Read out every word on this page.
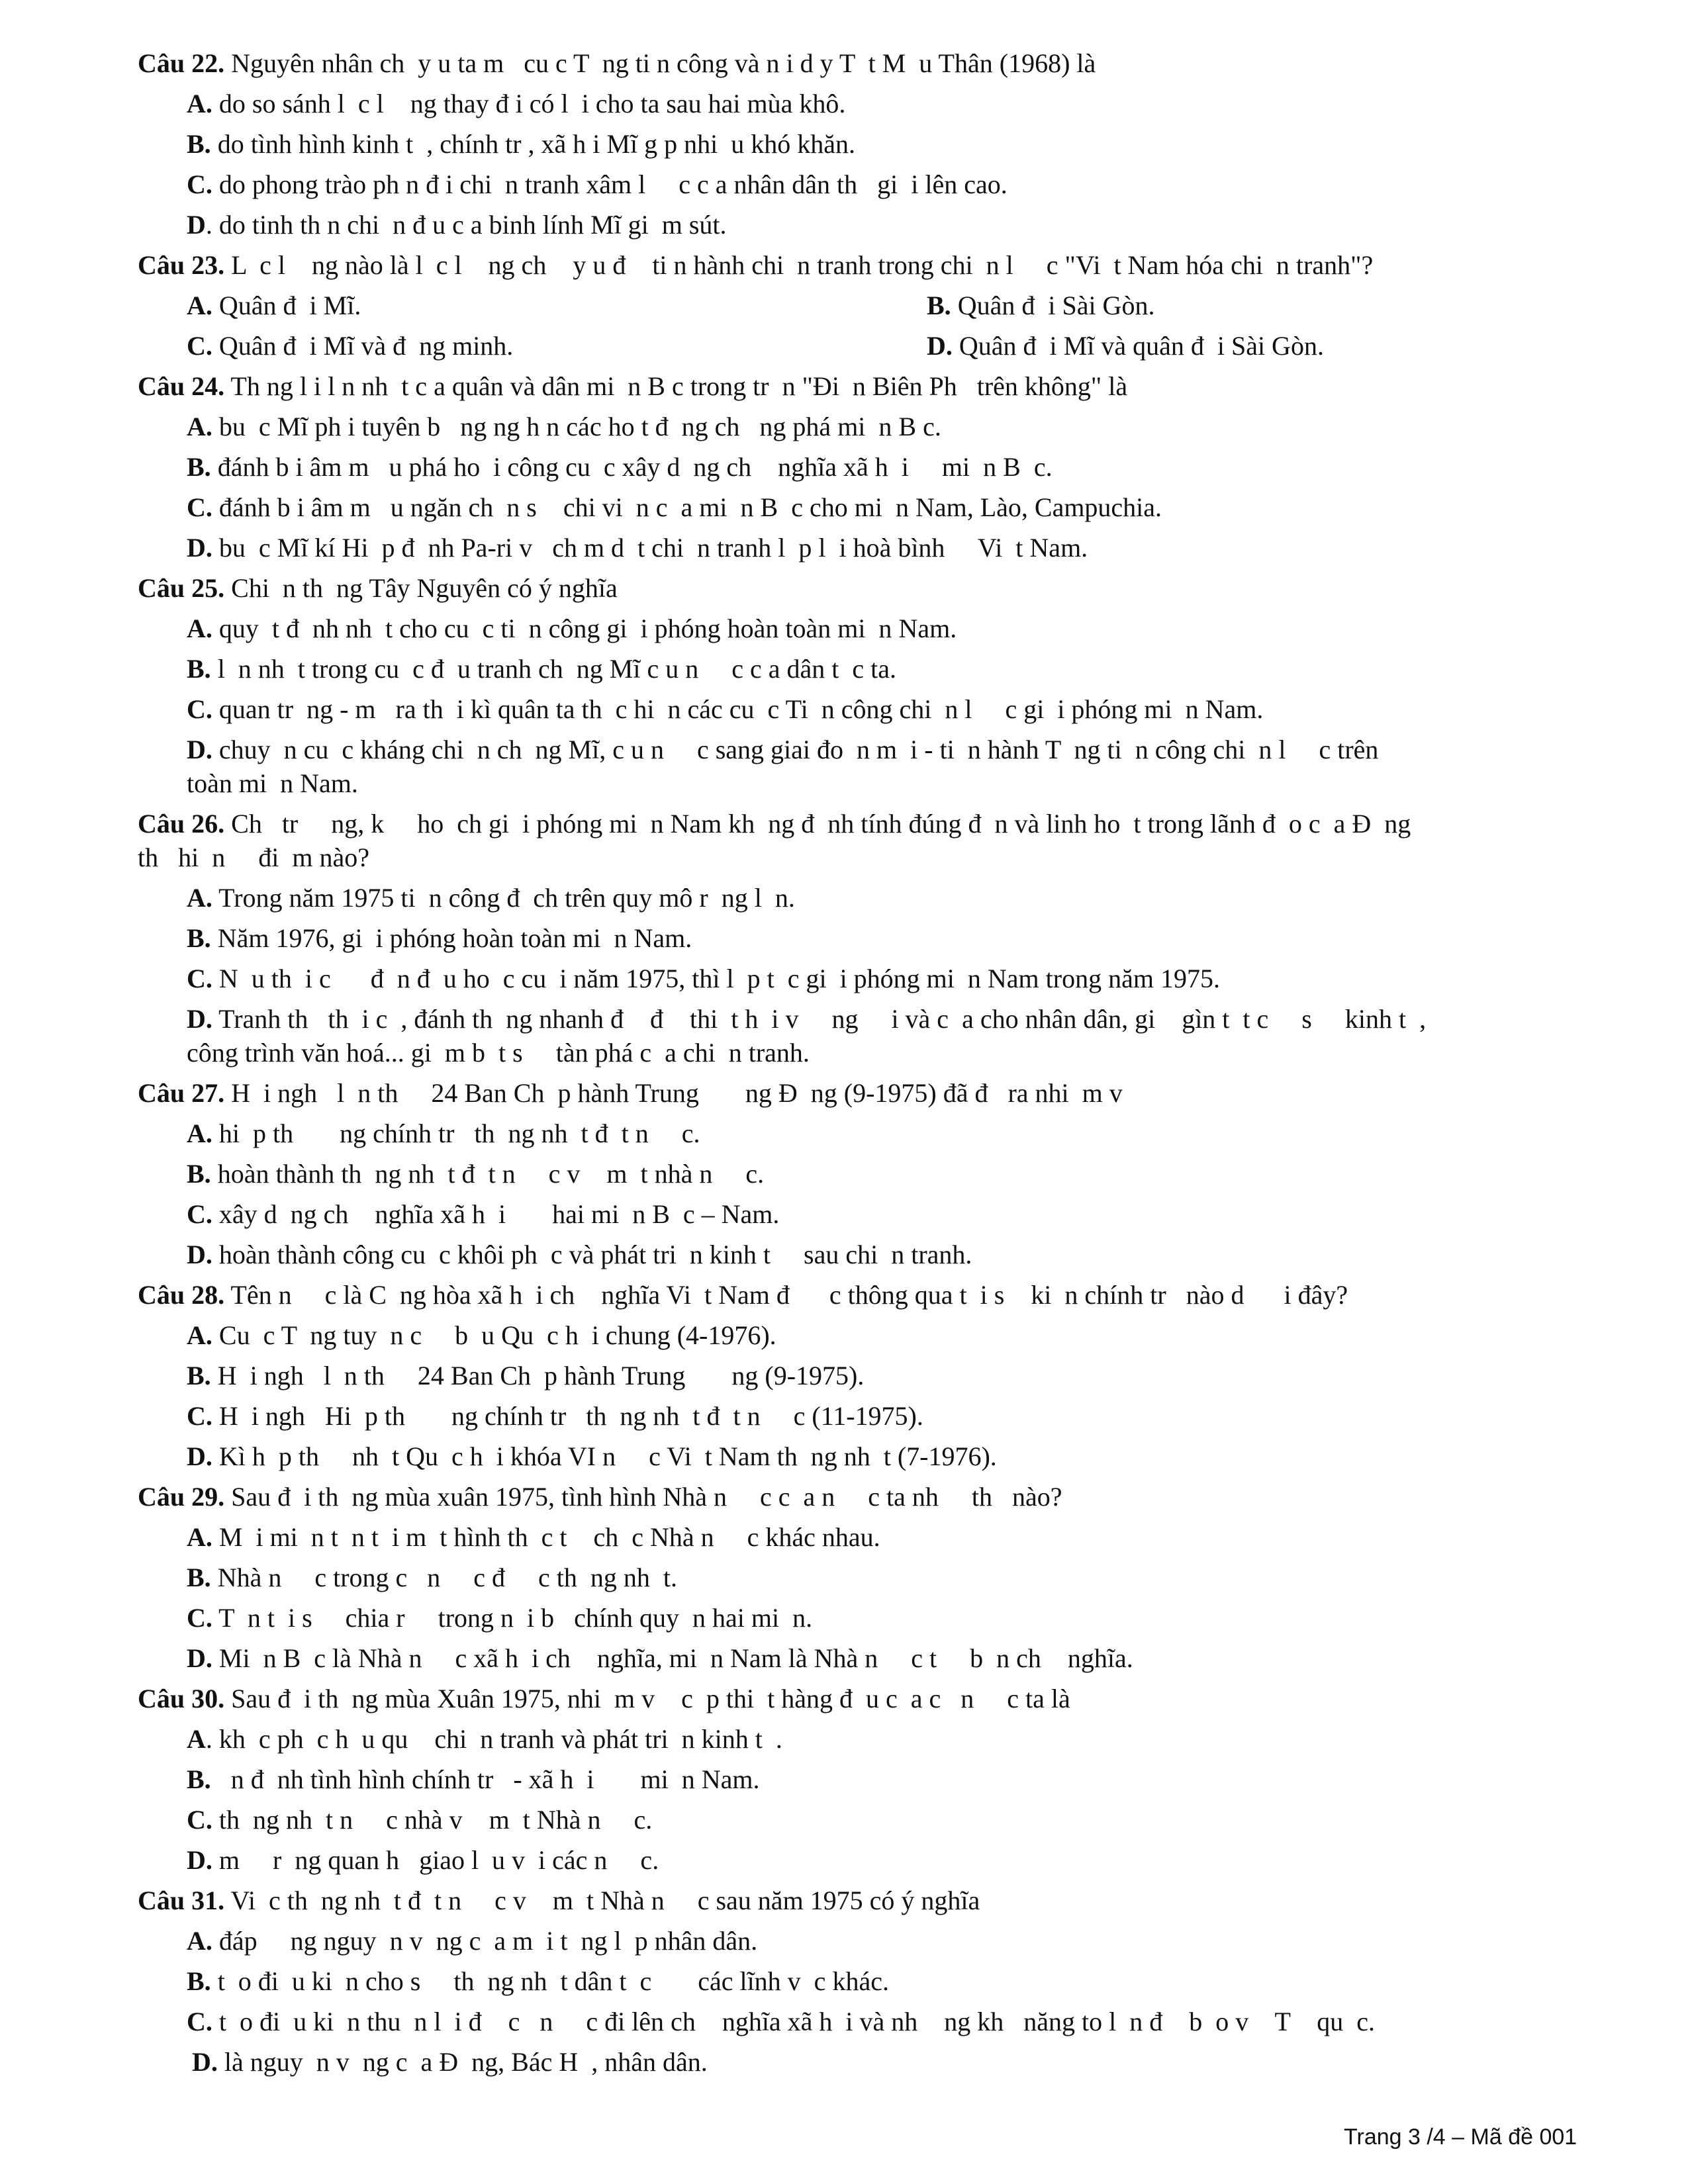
Câu 22. Nguyên nhân ch  y u ta m   cu c T  ng ti n công và n i d y T  t M  u Thân (1968) là
A. do so sánh l  c l    ng thay đ i có l  i cho ta sau hai mùa khô.
B. do tình hình kinh t  , chính tr , xã h i Mĩ g p nhi  u khó khăn.
C. do phong trào ph n đ i chi  n tranh xâm l     c c a nhân dân th   gi  i lên cao.
D. do tinh th n chi  n đ u c a binh lính Mĩ gi  m sút.
Câu 23. L  c l    ng nào là l  c l    ng ch    y u đ    ti n hành chi  n tranh trong chi  n l     c "Vi  t Nam hóa chi  n tranh"?
A. Quân đ  i Mĩ.	B. Quân đ  i Sài Gòn.
C. Quân đ  i Mĩ và đ  ng minh.	D. Quân đ  i Mĩ và quân đ  i Sài Gòn.
Câu 24. Th ng l i l n nh  t c a quân và dân mi  n B c trong tr  n "Đi  n Biên Ph   trên không" là
A. bu  c Mĩ ph i tuyên b   ng ng h n các ho t đ  ng ch   ng phá mi  n B c.
B. đánh b i âm m   u phá ho  i công cu  c xây d  ng ch    nghĩa xã h  i     mi  n B  c.
C. đánh b i âm m   u ngăn ch  n s    chi vi  n c  a mi  n B  c cho mi  n Nam, Lào, Campuchia.
D. bu  c Mĩ kí Hi  p đ  nh Pa-ri v   ch m d  t chi  n tranh l  p l  i hoà bình     Vi  t Nam.
Câu 25. Chi  n th  ng Tây Nguyên có ý nghĩa
A. quy  t đ  nh nh  t cho cu  c ti  n công gi  i phóng hoàn toàn mi  n Nam.
B. l  n nh  t trong cu  c đ  u tranh ch  ng Mĩ c u n     c c a dân t  c ta.
C. quan tr  ng - m   ra th  i kì quân ta th  c hi  n các cu  c Ti  n công chi  n l     c gi  i phóng mi  n Nam.
D. chuy  n cu  c kháng chi  n ch  ng Mĩ, c u n     c sang giai đo  n m  i - ti  n hành T  ng ti  n công chi  n l     c trên
toàn mi  n Nam.
Câu 26. Ch   tr     ng, k     ho  ch gi  i phóng mi  n Nam kh  ng đ  nh tính đúng đ  n và linh ho  t trong lãnh đ  o c  a Đ  ng
th   hi  n     đi  m nào?
A. Trong năm 1975 ti  n công đ  ch trên quy mô r  ng l  n.
B. Năm 1976, gi  i phóng hoàn toàn mi  n Nam.
C. N  u th  i c      đ  n đ  u ho  c cu  i năm 1975, thì l  p t  c gi  i phóng mi  n Nam trong năm 1975.
D. Tranh th   th  i c  , đánh th  ng nhanh đ    đ    thi  t h  i v     ng     i và c  a cho nhân dân, gi    gìn t  t c     s     kinh t  ,
công trình văn hoá... gi  m b  t s     tàn phá c  a chi  n tranh.
Câu 27. H  i ngh   l  n th     24 Ban Ch  p hành Trung       ng Đ  ng (9-1975) đã đ   ra nhi  m v
A. hi  p th       ng chính tr   th  ng nh  t đ  t n     c.
B. hoàn thành th  ng nh  t đ  t n     c v    m  t nhà n     c.
C. xây d  ng ch    nghĩa xã h  i       hai mi  n B  c – Nam.
D. hoàn thành công cu  c khôi ph  c và phát tri  n kinh t     sau chi  n tranh.
Câu 28. Tên n     c là C  ng hòa xã h  i ch    nghĩa Vi  t Nam đ      c thông qua t  i s    ki  n chính tr   nào d      i đây?
A. Cu  c T  ng tuy  n c     b  u Qu  c h  i chung (4-1976).
B. H  i ngh   l  n th     24 Ban Ch  p hành Trung       ng (9-1975).
C. H  i ngh   Hi  p th       ng chính tr   th  ng nh  t đ  t n     c (11-1975).
D. Kì h  p th     nh  t Qu  c h  i khóa VI n     c Vi  t Nam th  ng nh  t (7-1976).
Câu 29. Sau đ  i th  ng mùa xuân 1975, tình hình Nhà n     c c  a n     c ta nh     th   nào?
A. M  i mi  n t  n t  i m  t hình th  c t    ch  c Nhà n     c khác nhau.
B. Nhà n     c trong c   n     c đ     c th  ng nh  t.
C. T  n t  i s     chia r     trong n  i b   chính quy  n hai mi  n.
D. Mi  n B  c là Nhà n     c xã h  i ch    nghĩa, mi  n Nam là Nhà n     c t     b  n ch    nghĩa.
Câu 30. Sau đ  i th  ng mùa Xuân 1975, nhi  m v    c  p thi  t hàng đ  u c  a c   n     c ta là
A. kh  c ph  c h  u qu    chi  n tranh và phát tri  n kinh t  .
B.   n đ  nh tình hình chính tr   - xã h  i       mi  n Nam.
C. th  ng nh  t n     c nhà v    m  t Nhà n     c.
D. m     r  ng quan h   giao l  u v  i các n     c.
Câu 31. Vi  c th  ng nh  t đ  t n     c v    m  t Nhà n     c sau năm 1975 có ý nghĩa
A. đáp     ng nguy  n v  ng c  a m  i t  ng l  p nhân dân.
B. t  o đi  u ki  n cho s     th  ng nh  t dân t  c       các lĩnh v  c khác.
C. t  o đi  u ki  n thu  n l  i đ    c   n     c đi lên ch    nghĩa xã h  i và nh    ng kh   năng to l  n đ    b  o v    T    qu  c.
D. là nguy  n v  ng c  a Đ  ng, Bác H  , nhân dân.
Trang 3 /4 – Mã đề 001
